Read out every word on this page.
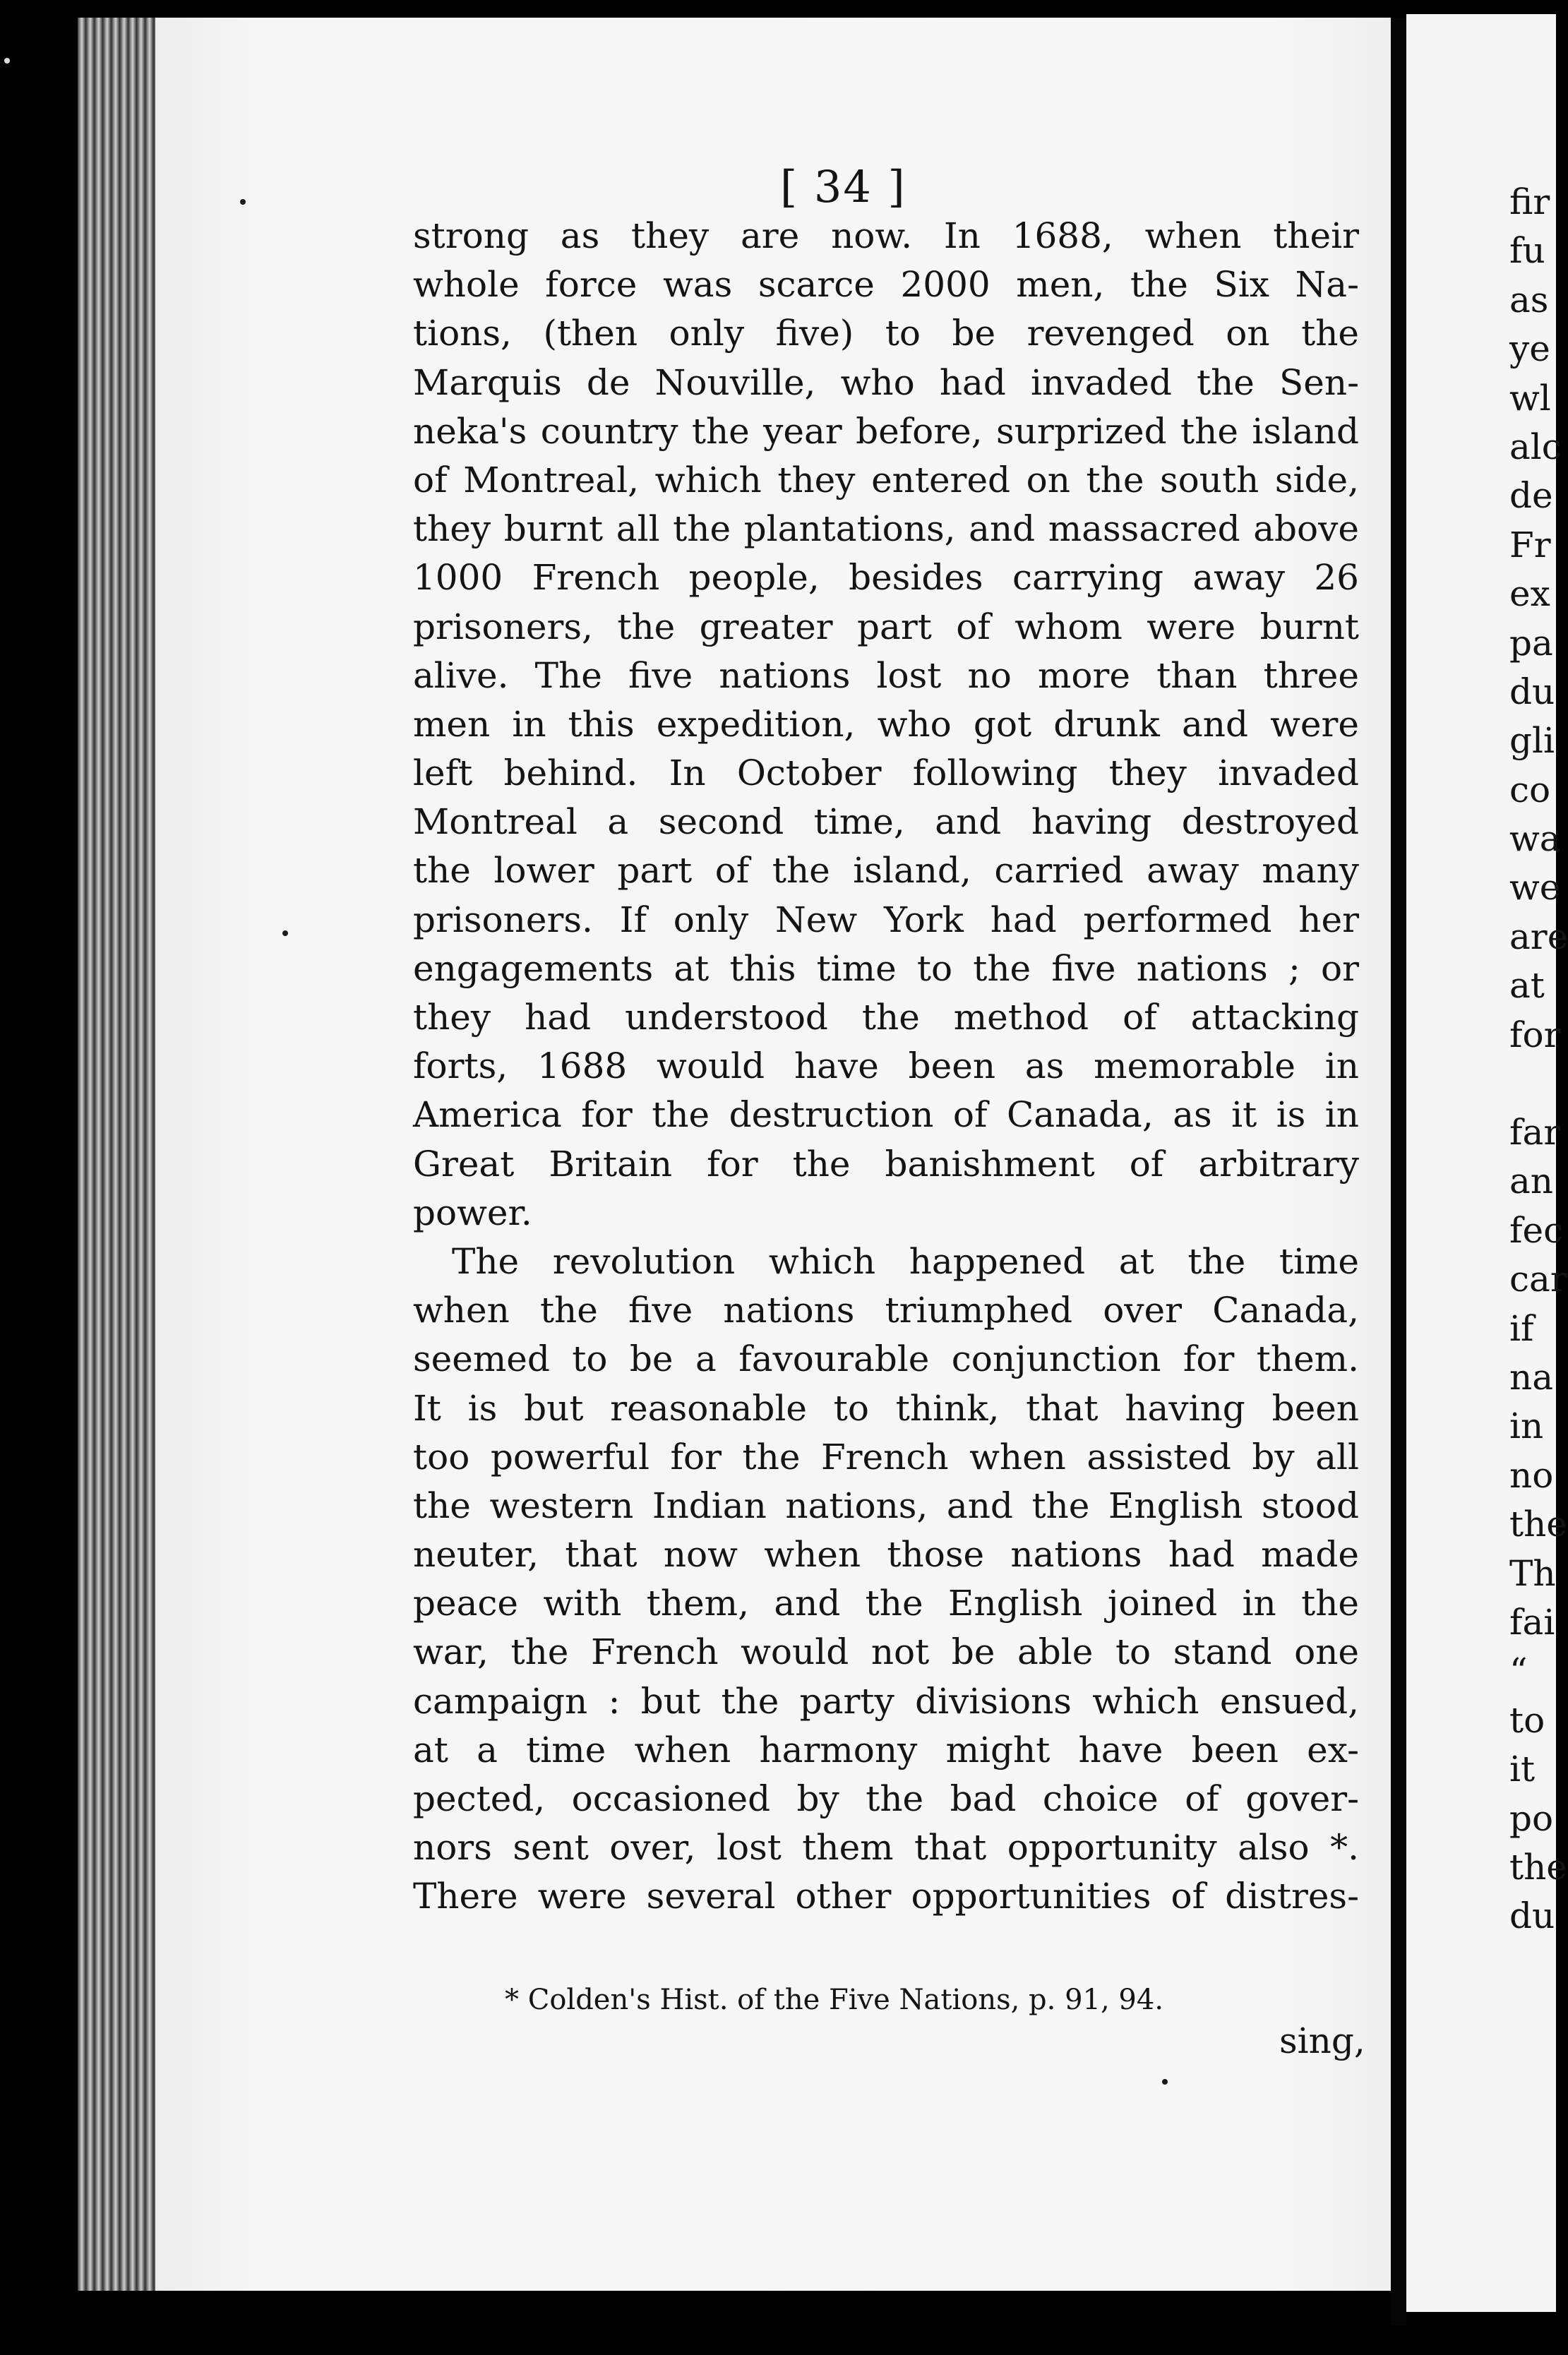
[ 34 ]
strong as they are now. In 1688, when their
whole force was scarce 2000 men, the Six Na-
tions, (then only five) to be revenged on the
Marquis de Nouville, who had invaded the Sen-
neka's country the year before, surprized the island
of Montreal, which they entered on the south side,
they burnt all the plantations, and massacred above
1000 French people, besides carrying away 26
prisoners, the greater part of whom were burnt
alive. The five nations lost no more than three
men in this expedition, who got drunk and were
left behind. In October following they invaded
Montreal a second time, and having destroyed
the lower part of the island, carried away many
prisoners. If only New York had performed her
engagements at this time to the five nations ; or
they had understood the method of attacking
forts, 1688 would have been as memorable in
America for the destruction of Canada, as it is in
Great Britain for the banishment of arbitrary
power.
The revolution which happened at the time
when the five nations triumphed over Canada,
seemed to be a favourable conjunction for them.
It is but reasonable to think, that having been
too powerful for the French when assisted by all
the western Indian nations, and the English stood
neuter, that now when those nations had made
peace with them, and the English joined in the
war, the French would not be able to stand one
campaign : but the party divisions which ensued,
at a time when harmony might have been ex-
pected, occasioned by the bad choice of gover-
nors sent over, lost them that opportunity also *.
There were several other opportunities of distres-
* Colden's Hist. of the Five Nations, p. 91, 94.
sing,
fir
fu
as
ye
wl
alc
de
Fr
ex
pa
du
gli
co
wa
we
are
at
for
far
an
fec
car
if
na
in
no
the
Th
fai
“
to
it
po
the
du
